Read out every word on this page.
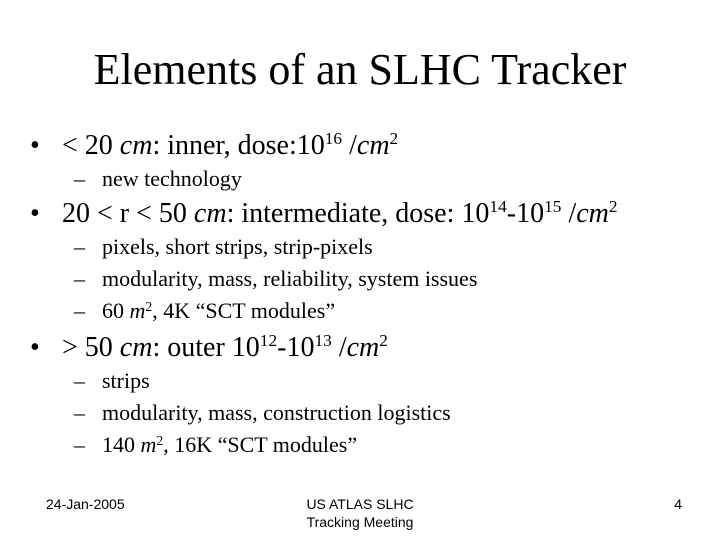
Elements of an SLHC Tracker
• < 20 cm: inner, $dose:10^{16}$ $/cm^2$
– new technology
• 20 < r < 50 cm: intermediate, dose: $10^{14}-10^{15}$ $/cm^2$
– pixels, short strips, strip-pixels
– modularity, mass, reliability, system issues
– 60 $m^2$, 4K “SCT modules”
• > 50 cm: outer $10^{12}-10^{13}$ $/cm^2$
– strips
– modularity, mass, construction logistics
– 140 $m^2$, 16K “SCT modules”
24-Jan-2005	US ATLAS SLHC
Tracking Meeting
4
